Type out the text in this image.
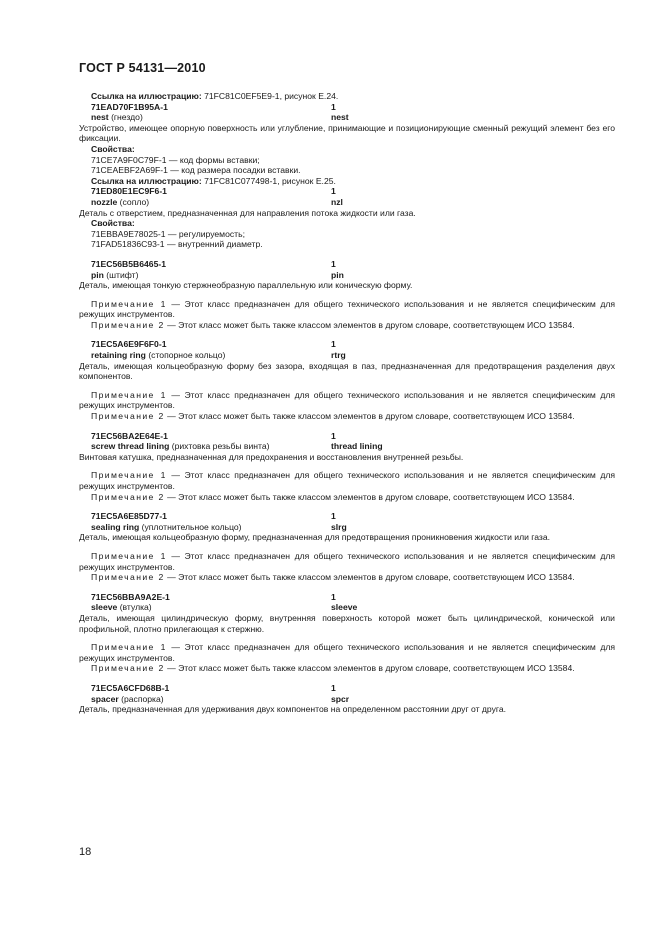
ГОСТ Р 54131—2010
Ссылка на иллюстрацию: 71FC81C0EF5E9-1, рисунок Е.24.
71EAD70F1B95A-1	1
nest (гнездо)	nest
Устройство, имеющее опорную поверхность или углубление, принимающие и позиционирующие сменный режущий элемент без его фиксации.
Свойства:
71CE7A9F0C79F-1 — код формы вставки;
71CEAEBF2A69F-1 — код размера посадки вставки.
Ссылка на иллюстрацию: 71FC81C077498-1, рисунок Е.25.
71ED80E1EC9F6-1	1
nozzle (сопло)	nzl
Деталь с отверстием, предназначенная для направления потока жидкости или газа.
Свойства:
71EBBA9E78025-1 — регулируемость;
71FAD51836C93-1 — внутренний диаметр.
71EC56B5B6465-1	1
pin (штифт)	pin
Деталь, имеющая тонкую стержнеобразную параллельную или коническую форму.
Примечание 1 — Этот класс предназначен для общего технического использования и не является специфическим для режущих инструментов.
Примечание 2 — Этот класс может быть также классом элементов в другом словаре, соответствующем ИСО 13584.
71EC5A6E9F6F0-1	1
retaining ring (стопорное кольцо)	rtrg
Деталь, имеющая кольцеобразную форму без зазора, входящая в паз, предназначенная для предотвращения разделения двух компонентов.
Примечание 1 — Этот класс предназначен для общего технического использования и не является специфическим для режущих инструментов.
Примечание 2 — Этот класс может быть также классом элементов в другом словаре, соответствующем ИСО 13584.
71EC56BA2E64E-1	1
screw thread lining (рихтовка резьбы винта)	thread lining
Винтовая катушка, предназначенная для предохранения и восстановления внутренней резьбы.
Примечание 1 — Этот класс предназначен для общего технического использования и не является специфическим для режущих инструментов.
Примечание 2 — Этот класс может быть также классом элементов в другом словаре, соответствующем ИСО 13584.
71EC5A6E85D77-1	1
sealing ring (уплотнительное кольцо)	slrg
Деталь, имеющая кольцеобразную форму, предназначенная для предотвращения проникновения жидкости или газа.
Примечание 1 — Этот класс предназначен для общего технического использования и не является специфическим для режущих инструментов.
Примечание 2 — Этот класс может быть также классом элементов в другом словаре, соответствующем ИСО 13584.
71EC56BBA9A2E-1	1
sleeve (втулка)	sleeve
Деталь, имеющая цилиндрическую форму, внутренняя поверхность которой может быть цилиндрической, конической или профильной, плотно прилегающая к стержню.
Примечание 1 — Этот класс предназначен для общего технического использования и не является специфическим для режущих инструментов.
Примечание 2 — Этот класс может быть также классом элементов в другом словаре, соответствующем ИСО 13584.
71EC5A6CFD68B-1	1
spacer (распорка)	spcr
Деталь, предназначенная для удерживания двух компонентов на определенном расстоянии друг от друга.
18
